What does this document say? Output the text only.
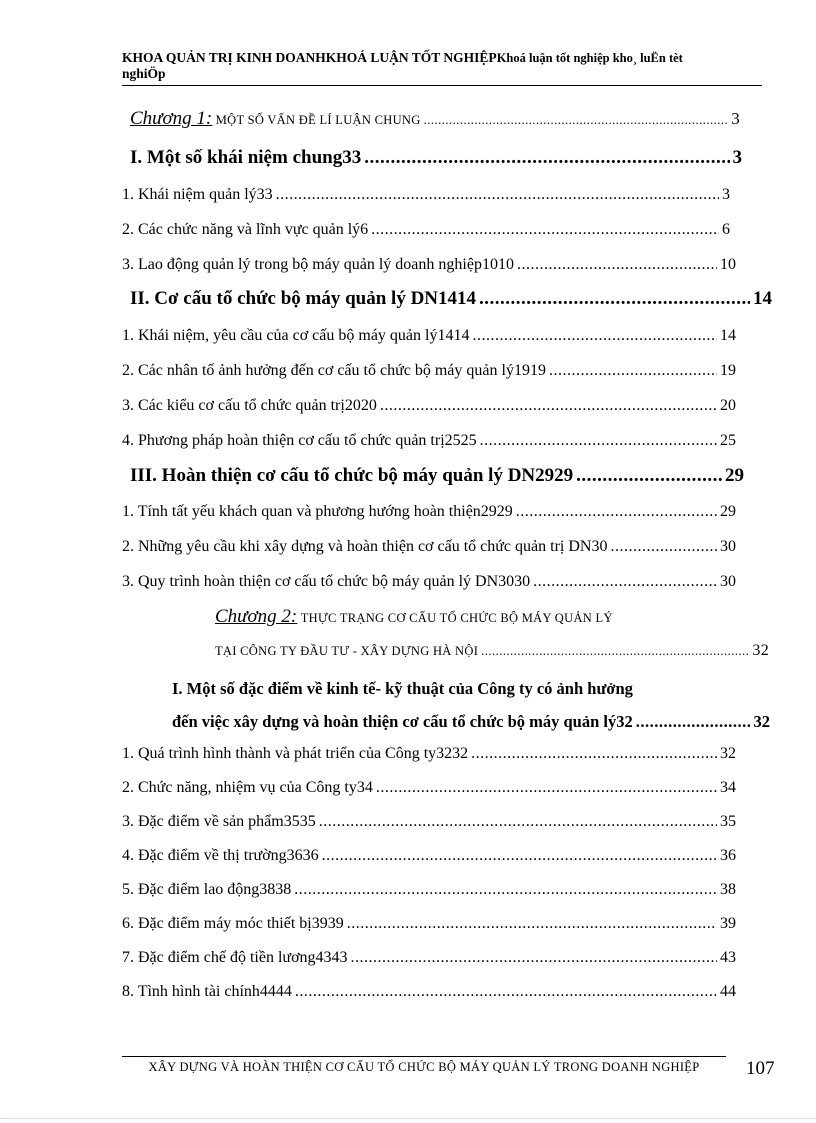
KHOA QUẢN TRỊ KINH DOANHKHOÁ LUẬN TỐT NGHIỆPKhoá luận tốt nghiệp kho¸ luËn tèt
nghiÖp
Chương 1: MỘT SỐ VẤN ĐỀ LÍ LUẬN CHUNG .....	3
I. Một số khái niệm chung33 .....	3
1. Khái niệm quản lý33 .....	3
2. Các chức năng và lĩnh vực quản lý6 .....	6
3. Lao động quản lý trong bộ máy quản lý doanh nghiệp1010 .....	10
II. Cơ cấu tổ chức bộ máy quản lý DN1414 .....	14
1. Khái niệm, yêu cầu của cơ cấu bộ máy quản lý1414 .....	14
2. Các nhân tố ảnh hưởng đến cơ cấu tổ chức bộ máy quản lý1919 .....	19
3. Các kiểu cơ cấu tổ chức quản trị2020 .....	20
4. Phương pháp hoàn thiện cơ cấu tổ chức quản trị2525 .....	25
III. Hoàn thiện cơ cấu tổ chức bộ máy quản lý DN2929 .....	29
1. Tính tất yếu khách quan và phương hướng hoàn thiện2929 .....	29
2. Những yêu cầu khi xây dựng và hoàn thiện cơ cấu tổ chức quản trị DN30 .....	30
3. Quy trình hoàn thiện cơ cấu tổ chức bộ máy quản lý DN3030 .....	30
Chương 2: THỰC TRẠNG CƠ CẤU TỔ CHỨC BỘ MÁY QUẢN LÝ
TẠI CÔNG TY ĐẦU TƯ - XÂY DỰNG HÀ NỘI .....	32
I. Một số đặc điểm về kinh tế- kỹ thuật của Công ty có ảnh hưởng
đến việc xây dựng và hoàn thiện cơ cấu tổ chức bộ máy quản lý32 .....	32
1. Quá trình hình thành và phát triển của Công ty3232 .....	32
2. Chức năng, nhiệm vụ của Công ty34 .....	34
3. Đặc điểm về sản phẩm3535 .....	35
4. Đặc điểm về thị trường3636 .....	36
5. Đặc điểm lao động3838 .....	38
6. Đặc điểm máy móc thiết bị3939 .....	39
7. Đặc điểm chế độ tiền lương4343 .....	43
8. Tình hình tài chính4444 .....	44
XÂY DỰNG VÀ HOÀN THIỆN CƠ CẤU TỔ CHỨC BỘ MÁY QUẢN LÝ TRONG DOANH NGHIỆP	107
